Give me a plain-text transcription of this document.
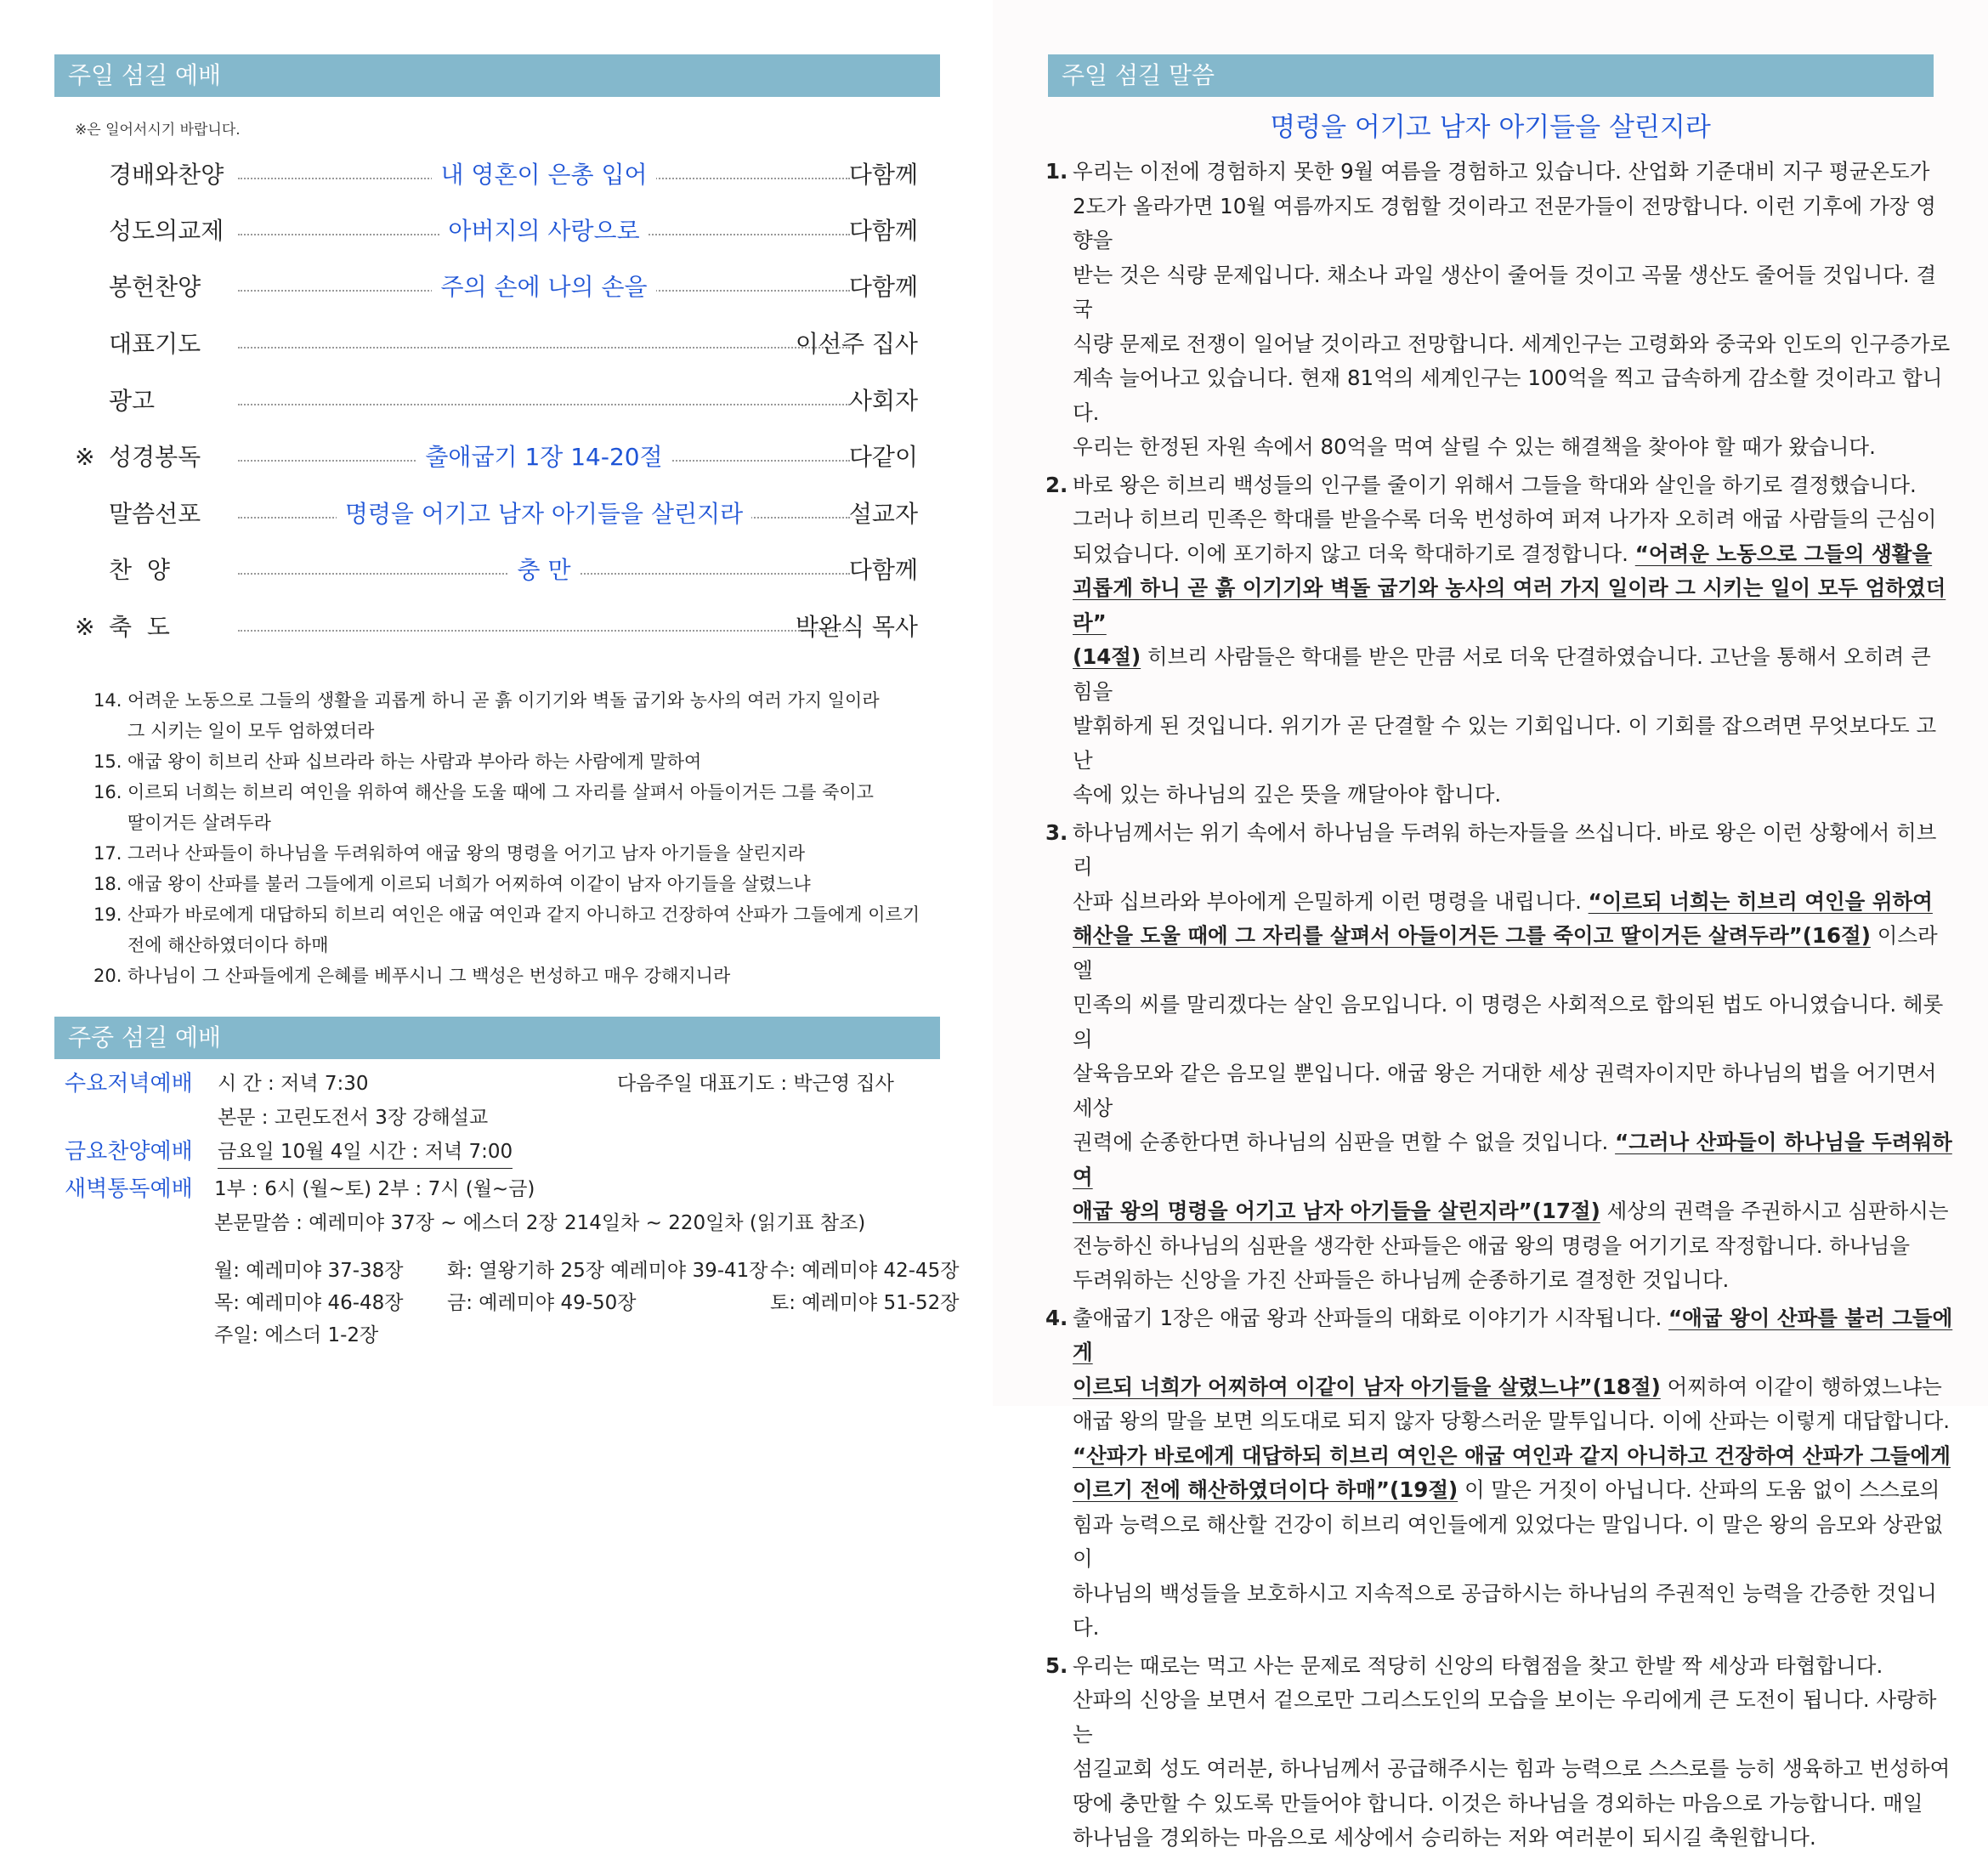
주일 섬길 예배
※은 일어서시기 바랍니다.
경배와찬양	내 영혼이 은총 입어	다함께
성도의교제	아버지의 사랑으로	다함께
봉헌찬양	주의 손에 나의 손을	다함께
대표기도	이선주 집사
광고	사회자
※ 성경봉독	출애굽기 1장 14-20절	다같이
말씀선포	명령을 어기고 남자 아기들을 살린지라	설교자
찬  양	충 만	다함께
※ 축  도	박완식 목사
14. 어려운 노동으로 그들의 생활을 괴롭게 하니 곧 흙 이기기와 벽돌 굽기와 농사의 여러 가지 일이라
그 시키는 일이 모두 엄하였더라
15. 애굽 왕이 히브리 산파 십브라라 하는 사람과 부아라 하는 사람에게 말하여
16. 이르되 너희는 히브리 여인을 위하여 해산을 도울 때에 그 자리를 살펴서 아들이거든 그를 죽이고
딸이거든 살려두라
17. 그러나 산파들이 하나님을 두려워하여 애굽 왕의 명령을 어기고 남자 아기들을 살린지라
18. 애굽 왕이 산파를 불러 그들에게 이르되 너희가 어찌하여 이같이 남자 아기들을 살렸느냐
19. 산파가 바로에게 대답하되 히브리 여인은 애굽 여인과 같지 아니하고 건장하여 산파가 그들에게 이르기
전에 해산하였더이다 하매
20. 하나님이 그 산파들에게 은혜를 베푸시니 그 백성은 번성하고 매우 강해지니라
주중 섬길 예배
수요저녁예배 시 간 : 저녁 7:30	다음주일 대표기도 : 박근영 집사
본문 : 고린도전서 3장 강해설교
금요찬양예배 금요일 10월 4일 시간 : 저녁 7:00
새벽통독예배 1부 : 6시 (월~토) 2부 : 7시 (월~금)
본문말씀 : 예레미야 37장 ~ 에스더 2장 214일차 ~ 220일차 (읽기표 참조)
월: 예레미야 37-38장 화: 열왕기하 25장 예레미야 39-41장 수: 예레미야 42-45장
목: 예레미야 46-48장 금: 예레미야 49-50장	토: 예레미야 51-52장
주일: 에스더 1-2장
주일 섬길 말씀
명령을 어기고 남자 아기들을 살린지라
1. 우리는 이전에 경험하지 못한 9월 여름을 경험하고 있습니다. 산업화 기준대비 지구 평균온도가
2도가 올라가면 10월 여름까지도 경험할 것이라고 전문가들이 전망합니다. 이런 기후에 가장 영향을
받는 것은 식량 문제입니다. 채소나 과일 생산이 줄어들 것이고 곡물 생산도 줄어들 것입니다. 결국
식량 문제로 전쟁이 일어날 것이라고 전망합니다. 세계인구는 고령화와 중국와 인도의 인구증가로
계속 늘어나고 있습니다. 현재 81억의 세계인구는 100억을 찍고 급속하게 감소할 것이라고 합니다.
우리는 한정된 자원 속에서 80억을 먹여 살릴 수 있는 해결책을 찾아야 할 때가 왔습니다.
2. 바로 왕은 히브리 백성들의 인구를 줄이기 위해서 그들을 학대와 살인을 하기로 결정했습니다.
그러나 히브리 민족은 학대를 받을수록 더욱 번성하여 퍼져 나가자 오히려 애굽 사람들의 근심이
되었습니다. 이에 포기하지 않고 더욱 학대하기로 결정합니다. “어려운 노동으로 그들의 생활을
괴롭게 하니 곧 흙 이기기와 벽돌 굽기와 농사의 여러 가지 일이라 그 시키는 일이 모두 엄하였더라”
(14절) 히브리 사람들은 학대를 받은 만큼 서로 더욱 단결하였습니다. 고난을 통해서 오히려 큰 힘을
발휘하게 된 것입니다. 위기가 곧 단결할 수 있는 기회입니다. 이 기회를 잡으려면 무엇보다도 고난
속에 있는 하나님의 깊은 뜻을 깨달아야 합니다.
3. 하나님께서는 위기 속에서 하나님을 두려워 하는자들을 쓰십니다. 바로 왕은 이런 상황에서 히브리
산파 십브라와 부아에게 은밀하게 이런 명령을 내립니다. “이르되 너희는 히브리 여인을 위하여
해산을 도울 때에 그 자리를 살펴서 아들이거든 그를 죽이고 딸이거든 살려두라”(16절) 이스라엘
민족의 씨를 말리겠다는 살인 음모입니다. 이 명령은 사회적으로 합의된 법도 아니였습니다. 헤롯의
살육음모와 같은 음모일 뿐입니다. 애굽 왕은 거대한 세상 권력자이지만 하나님의 법을 어기면서 세상
권력에 순종한다면 하나님의 심판을 면할 수 없을 것입니다. “그러나 산파들이 하나님을 두려워하여
애굽 왕의 명령을 어기고 남자 아기들을 살린지라”(17절) 세상의 권력을 주권하시고 심판하시는
전능하신 하나님의 심판을 생각한 산파들은 애굽 왕의 명령을 어기기로 작정합니다. 하나님을
두려워하는 신앙을 가진 산파들은 하나님께 순종하기로 결정한 것입니다.
4. 출애굽기 1장은 애굽 왕과 산파들의 대화로 이야기가 시작됩니다. “애굽 왕이 산파를 불러 그들에게
이르되 너희가 어찌하여 이같이 남자 아기들을 살렸느냐”(18절) 어찌하여 이같이 행하였느냐는
애굽 왕의 말을 보면 의도대로 되지 않자 당황스러운 말투입니다. 이에 산파는 이렇게 대답합니다.
“산파가 바로에게 대답하되 히브리 여인은 애굽 여인과 같지 아니하고 건장하여 산파가 그들에게
이르기 전에 해산하였더이다 하매”(19절) 이 말은 거짓이 아닙니다. 산파의 도움 없이 스스로의
힘과 능력으로 해산할 건강이 히브리 여인들에게 있었다는 말입니다. 이 말은 왕의 음모와 상관없이
하나님의 백성들을 보호하시고 지속적으로 공급하시는 하나님의 주권적인 능력을 간증한 것입니다.
5. 우리는 때로는 먹고 사는 문제로 적당히 신앙의 타협점을 찾고 한발 짝 세상과 타협합니다.
산파의 신앙을 보면서 겉으로만 그리스도인의 모습을 보이는 우리에게 큰 도전이 됩니다. 사랑하는
섬길교회 성도 여러분, 하나님께서 공급해주시는 힘과 능력으로 스스로를 능히 생육하고 번성하여
땅에 충만할 수 있도록 만들어야 합니다. 이것은 하나님을 경외하는 마음으로 가능합니다. 매일
하나님을 경외하는 마음으로 세상에서 승리하는 저와 여러분이 되시길 축원합니다.
